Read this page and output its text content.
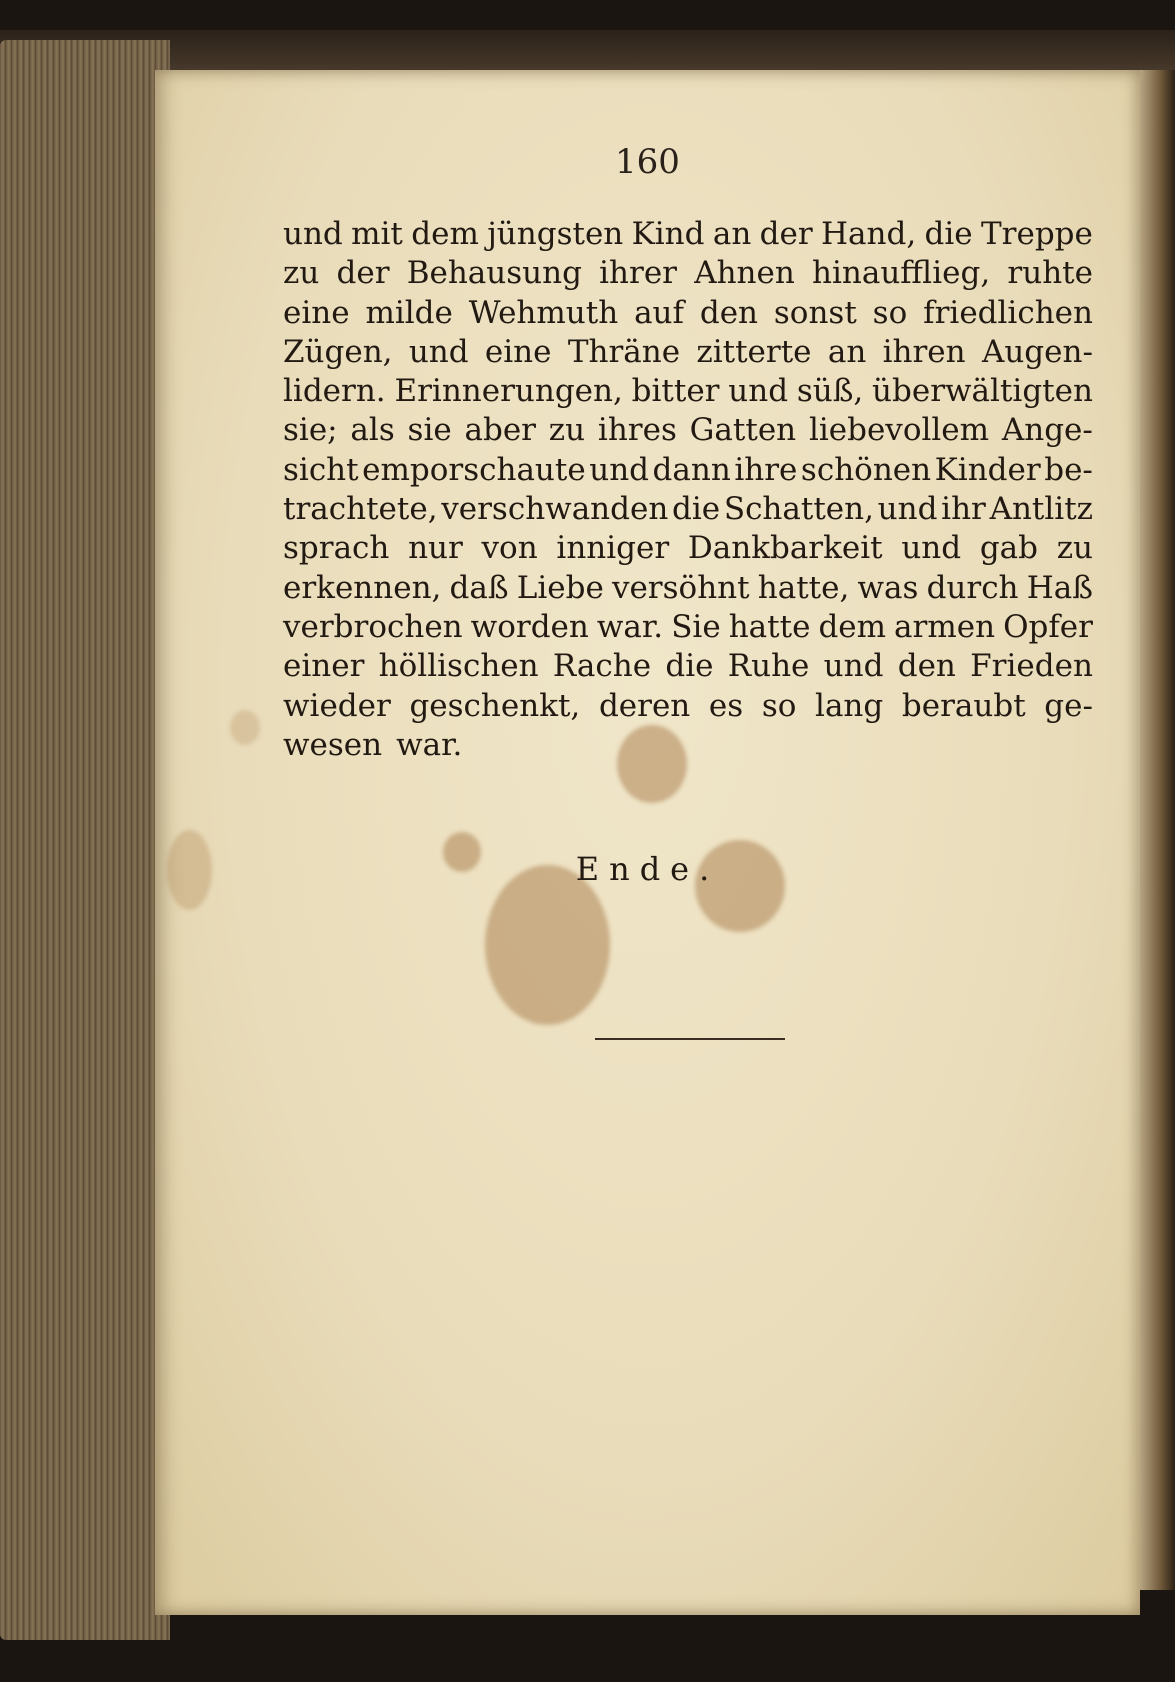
160
und mit dem jüngsten Kind an der Hand, die Treppe
zu der Behausung ihrer Ahnen hinaufflieg, ruhte
eine milde Wehmuth auf den sonst so friedlichen
Zügen, und eine Thräne zitterte an ihren Augen-
lidern. Erinnerungen, bitter und süß, überwältigten
sie; als sie aber zu ihres Gatten liebevollem Ange-
sicht emporschaute und dann ihre schönen Kinder be-
trachtete, verschwanden die Schatten, und ihr Antlitz
sprach nur von inniger Dankbarkeit und gab zu
erkennen, daß Liebe versöhnt hatte, was durch Haß
verbrochen worden war. Sie hatte dem armen Opfer
einer höllischen Rache die Ruhe und den Frieden
wieder geschenkt, deren es so lang beraubt ge-
wesen war.
Ende.
